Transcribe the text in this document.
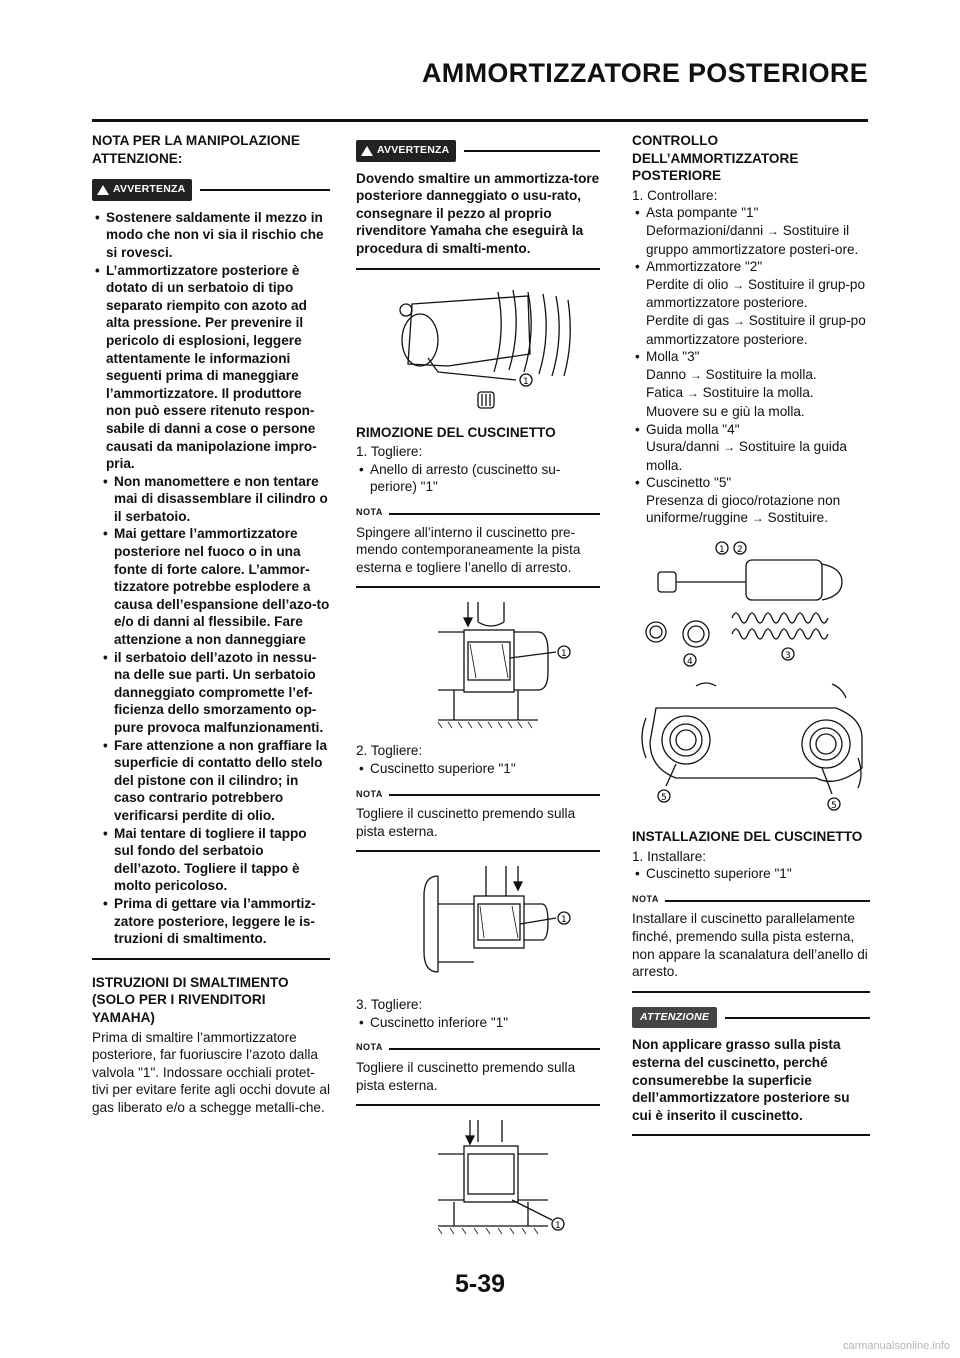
AMMORTIZZATORE POSTERIORE

NOTA PER LA MANIPOLAZIONE ATTENZIONE:

AVVERTENZA
• Sostenere saldamente il mezzo in modo che non vi sia il rischio che si rovesci.
• L’ammortizzatore posteriore è dotato di un serbatoio di tipo separato riempito con azoto ad alta pressione. Per prevenire il pericolo di esplosioni, leggere attentamente le informazioni seguenti prima di maneggiare l’ammortizzatore. Il produttore non può essere ritenuto respon-sabile di danni a cose o persone causati da manipolazione impro-pria.
• Non manomettere e non tentare mai di disassemblare il cilindro o il serbatoio.
• Mai gettare l’ammortizzatore posteriore nel fuoco o in una fonte di forte calore. L’ammor-tizzatore potrebbe esplodere a causa dell’espansione dell’azo-to e/o di danni al flessibile. Fare attenzione a non danneggiare
• il serbatoio dell’azoto in nessu-na delle sue parti. Un serbatoio danneggiato compromette l’ef-ficienza dello smorzamento op-pure provoca malfunzionamenti.
• Fare attenzione a non graffiare la superficie di contatto dello stelo del pistone con il cilindro; in caso contrario potrebbero verificarsi perdite di olio.
• Mai tentare di togliere il tappo sul fondo del serbatoio dell’azoto. Togliere il tappo è molto pericoloso.
• Prima di gettare via l’ammortiz-zatore posteriore, leggere le is-truzioni di smaltimento.

ISTRUZIONI DI SMALTIMENTO (SOLO PER I RIVENDITORI YAMAHA)

Prima di smaltire l’ammortizzatore posteriore, far fuoriuscire l’azoto dalla valvola "1". Indossare occhiali protet-tivi per evitare ferite agli occhi dovute al gas liberato e/o a schegge metalli-che.

AVVERTENZA

Dovendo smaltire un ammortizza-tore posteriore danneggiato o usu-rato, consegnare il pezzo al proprio rivenditore Yamaha che eseguirà la procedura di smalti-mento.

1

RIMOZIONE DEL CUSCINETTO

1. Togliere:

• Anello di arresto (cuscinetto su-periore) "1"
NOTA

Spingere all’interno il cuscinetto pre-mendo contemporaneamente la pista esterna e togliere l’anello di arresto.

1

2. Togliere:

• Cuscinetto superiore "1"
NOTA

Togliere il cuscinetto premendo sulla pista esterna.

1

3. Togliere:

• Cuscinetto inferiore "1"
NOTA

Togliere il cuscinetto premendo sulla pista esterna.

1

CONTROLLO DELL’AMMORTIZZATORE POSTERIORE

1. Controllare:

• Asta pompante "1"
Deformazioni/danni → Sostituire il gruppo ammortizzatore posteri-ore.
• Ammortizzatore "2"
Perdite di olio → Sostituire il grup-po ammortizzatore posteriore.
Perdite di gas → Sostituire il grup-po ammortizzatore posteriore.
• Molla "3"
Danno → Sostituire la molla.
Fatica → Sostituire la molla.
Muovere su e giù la molla.
• Guida molla "4"
Usura/danni → Sostituire la guida molla.
• Cuscinetto "5"
Presenza di gioco/rotazione non uniforme/ruggine → Sostituire.
1 2
4
3
5
5

INSTALLAZIONE DEL CUSCINETTO

1. Installare:

• Cuscinetto superiore "1"
NOTA

Installare il cuscinetto parallelamente finché, premendo sulla pista esterna, non appare la scanalatura dell’anello di arresto.

ATTENZIONE

Non applicare grasso sulla pista esterna del cuscinetto, perché consumerebbe la superficie dell’ammortizzatore posteriore su cui è inserito il cuscinetto.

5-39
carmanualsonline.info
